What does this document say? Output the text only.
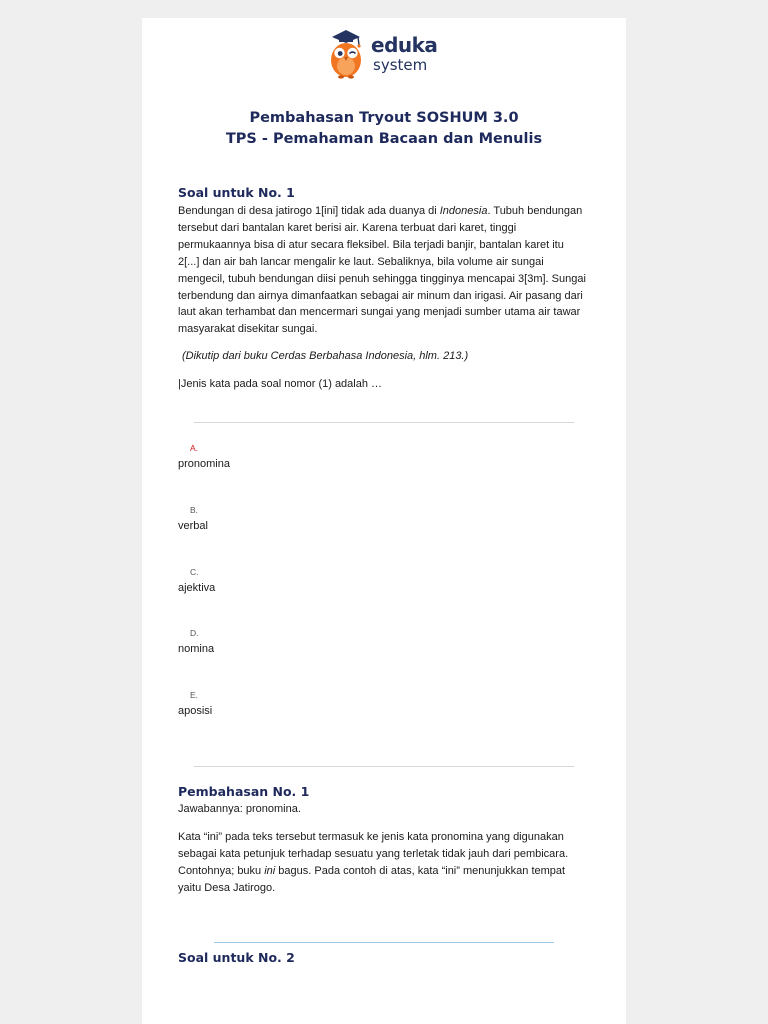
eduka
system
Pembahasan Tryout SOSHUM 3.0
TPS - Pemahaman Bacaan dan Menulis
Soal untuk No. 1
Bendungan di desa jatirogo 1[ini] tidak ada duanya di Indonesia. Tubuh bendungan tersebut dari bantalan karet berisi air. Karena terbuat dari karet, tinggi permukaannya bisa di atur secara fleksibel. Bila terjadi banjir, bantalan karet itu 2[...] dan air bah lancar mengalir ke laut. Sebaliknya, bila volume air sungai mengecil, tubuh bendungan diisi penuh sehingga tingginya mencapai 3[3m]. Sungai terbendung dan airnya dimanfaatkan sebagai air minum dan irigasi. Air pasang dari laut akan terhambat dan mencermari sungai yang menjadi sumber utama air tawar masyarakat disekitar sungai.
(Dikutip dari buku Cerdas Berbahasa Indonesia, hlm. 213.)
|Jenis kata pada soal nomor (1) adalah …
A.
pronomina
B.
verbal
C.
ajektiva
D.
nomina
E.
aposisi
Pembahasan No. 1
Jawabannya: pronomina.
Kata “ini” pada teks tersebut termasuk ke jenis kata pronomina yang digunakan sebagai kata petunjuk terhadap sesuatu yang terletak tidak jauh dari pembicara. Contohnya; buku ini bagus. Pada contoh di atas, kata “ini” menunjukkan tempat yaitu Desa Jatirogo.
Soal untuk No. 2
